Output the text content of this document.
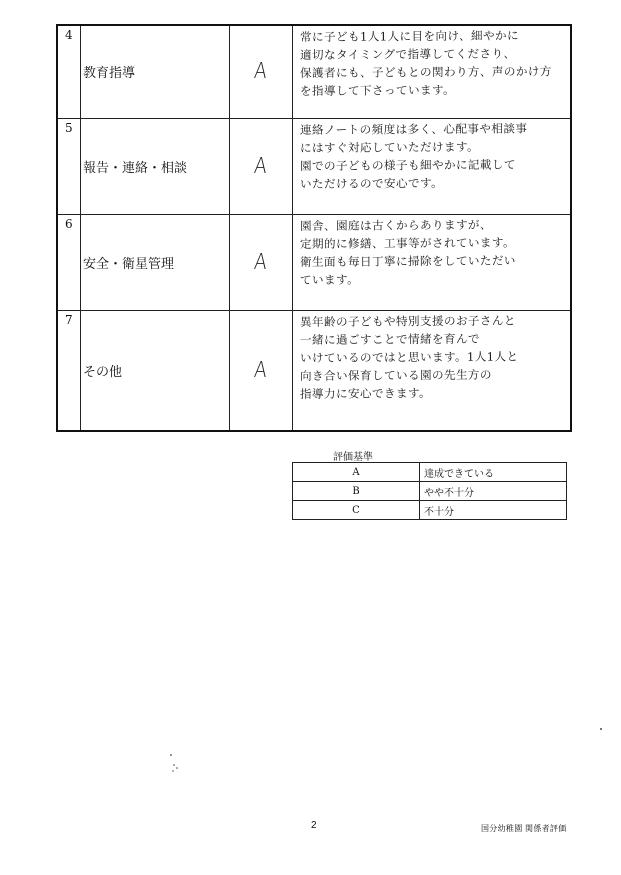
4	教育指導	A	常に子ども1人1人に目を向け、細やかに
適切なタイミングで指導してくださり、
保護者にも、子どもとの関わり方、声のかけ方
を指導して下さっています。

5	報告・連絡・相談	A	連絡ノートの頻度は多く、心配事や相談事
にはすぐ対応していただけます。
園での子どもの様子も細やかに記載して
いただけるので安心です。

6	安全・衛星管理	A	園舎、園庭は古くからありますが、
定期的に修繕、工事等がされています。
衛生面も毎日丁寧に掃除をしていただい
ています。

7	その他	A	異年齢の子どもや特別支援のお子さんと
一緒に過ごすことで情緒を育んで
いけているのではと思います。1人1人と
向き合い保育している園の先生方の
指導力に安心できます。
評価基準
A	達成できている
B	やや不十分
C	不十分
2	国分幼稚園 関係者評価
